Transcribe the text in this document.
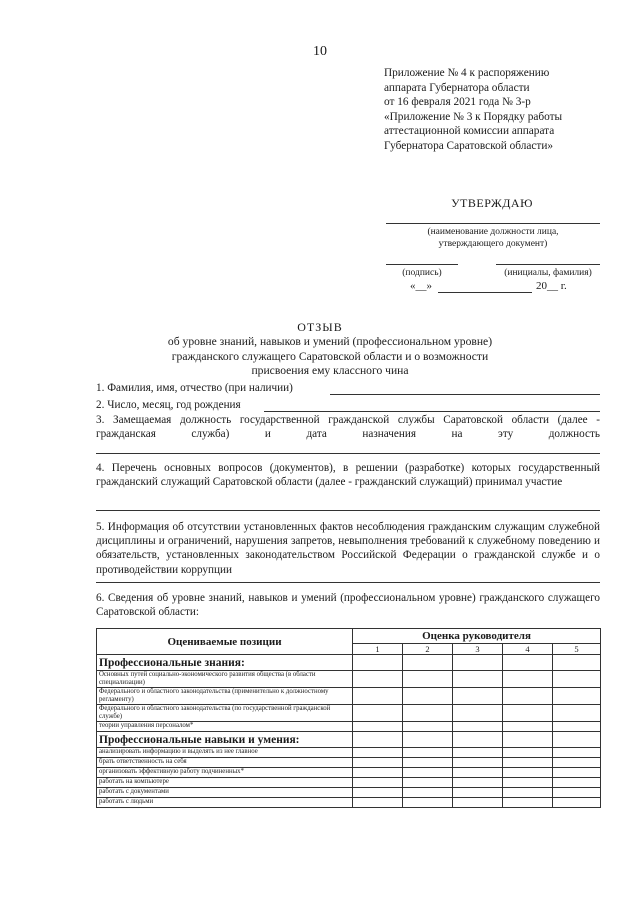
10
Приложение № 4 к распоряжению
аппарата Губернатора области
от 16 февраля 2021 года № 3-р
«Приложение № 3 к Порядку работы
аттестационной комиссии аппарата
Губернатора Саратовской области»
УТВЕРЖДАЮ
(наименование должности лица,
утверждающего документ)
(подпись)	(инициалы, фамилия)
«__»	20__ г.
ОТЗЫВ
об уровне знаний, навыков и умений (профессиональном уровне)
гражданского служащего Саратовской области и о возможности
присвоения ему классного чина
1. Фамилия, имя, отчество (при наличии)
2. Число, месяц, год рождения
3. Замещаемая должность государственной гражданской службы Саратовской области (далее - гражданская служба) и дата назначения на эту должность
4. Перечень основных вопросов (документов), в решении (разработке) которых государственный гражданский служащий Саратовской области (далее - гражданский служащий) принимал участие
5. Информация об отсутствии установленных фактов несоблюдения гражданским служащим служебной дисциплины и ограничений, нарушения запретов, невыполнения требований к служебному поведению и обязательств, установленных законодательством Российской Федерации о гражданской службе и о противодействии коррупции
6. Сведения об уровне знаний, навыков и умений (профессиональном уровне) гражданского служащего Саратовской области:
Оцениваемые позиции	Оценка руководителя				
	1	2	3	4	5
Профессиональные знания:					
Основных путей социально-экономического развития общества (в области специализации)					
Федерального и областного законодательства (применительно к должностному регламенту)					
Федерального и областного законодательства (по государственной гражданской службе)					
теории управления персоналом*					
Профессиональные навыки и умения:					
анализировать информацию и выделять из нее главное					
брать ответственность на себя					
организовать эффективную работу подчиненных*					
работать на компьютере					
работать с документами					
работать с людьми					
